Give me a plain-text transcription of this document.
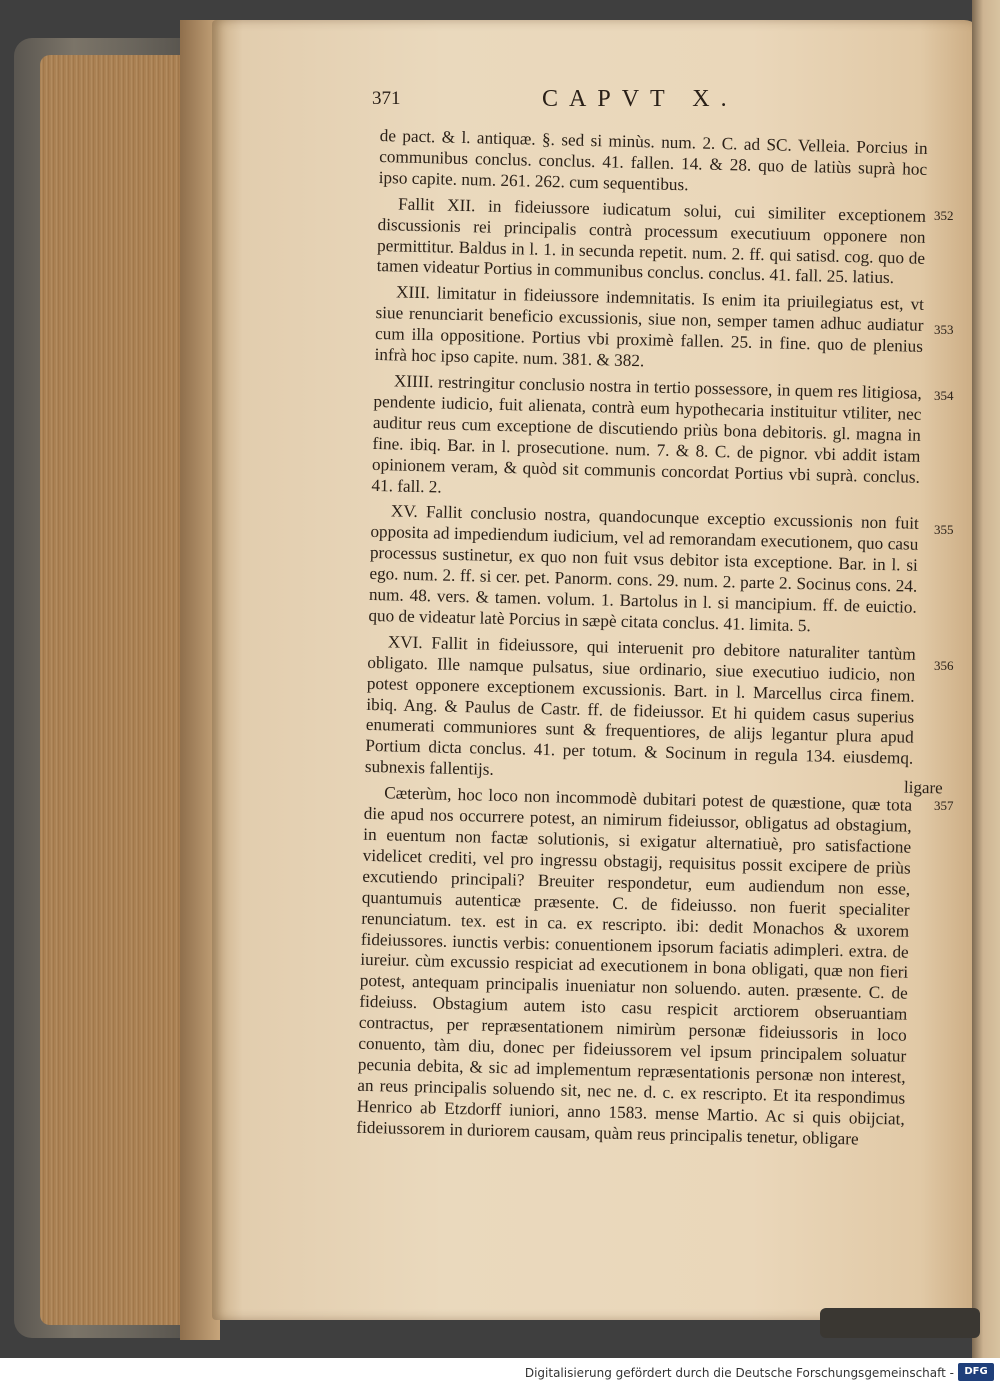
371	CAPVT X.

de pact. & l. antiquæ. §. sed si minùs. num. 2. C. ad SC. Velleia. Porcius in communibus conclus. conclus. 41. fallen. 14. & 28. quo de latiùs suprà hoc ipso capite. num. 261. 262. cum sequentibus.

Fallit XII. in fideiussore iudicatum solui, cui similiter exceptionem discussionis rei principalis contrà processum executiuum opponere non permittitur. Baldus in l. 1. in secunda repetit. num. 2. ff. qui satisd. cog. quo de tamen videatur Portius in communibus conclus. conclus. 41. fall. 25. latius.

XIII. limitatur in fideiussore indemnitatis. Is enim ita priuilegiatus est, vt siue renunciarit beneficio excussionis, siue non, semper tamen adhuc audiatur cum illa oppositione. Portius vbi proximè fallen. 25. in fine. quo de plenius infrà hoc ipso capite. num. 381. & 382.

XIIII. restringitur conclusio nostra in tertio possessore, in quem res litigiosa, pendente iudicio, fuit alienata, contrà eum hypothecaria instituitur vtiliter, nec auditur reus cum exceptione de discutiendo priùs bona debitoris. gl. magna in fine. ibiq. Bar. in l. prosecutione. num. 7. & 8. C. de pignor. vbi addit istam opinionem veram, & quòd sit communis concordat Portius vbi suprà. conclus. 41. fall. 2.

XV. Fallit conclusio nostra, quandocunque exceptio excussionis non fuit opposita ad impediendum iudicium, vel ad remorandam executionem, quo casu processus sustinetur, ex quo non fuit vsus debitor ista exceptione. Bar. in l. si ego. num. 2. ff. si cer. pet. Panorm. cons. 29. num. 2. parte 2. Socinus cons. 24. num. 48. vers. & tamen. volum. 1. Bartolus in l. si mancipium. ff. de euictio. quo de videatur latè Porcius in sæpè citata conclus. 41. limita. 5.

XVI. Fallit in fideiussore, qui interuenit pro debitore naturaliter tantùm obligato. Ille namque pulsatus, siue ordinario, siue executiuo iudicio, non potest opponere exceptionem excussionis. Bart. in l. Marcellus circa finem. ibiq. Ang. & Paulus de Castr. ff. de fideiussor. Et hi quidem casus superius enumerati communiores sunt & frequentiores, de alijs legantur plura apud Portium dicta conclus. 41. per totum. & Socinum in regula 134. eiusdemq. subnexis fallentijs.

Cæterùm, hoc loco non incommodè dubitari potest de quæstione, quæ tota die apud nos occurrere potest, an nimirum fideiussor, obligatus ad obstagium, in euentum non factæ solutionis, si exigatur alternatiuè, pro satisfactione videlicet crediti, vel pro ingressu obstagij, requisitus possit excipere de priùs excutiendo principali? Breuiter respondetur, eum audiendum non esse, quantumuis autenticæ præsente. C. de fideiusso. non fuerit specialiter renunciatum. tex. est in ca. ex rescripto. ibi: dedit Monachos & uxorem fideiussores. iunctis verbis: conuentionem ipsorum faciatis adimpleri. extra. de iureiur. cùm excussio respiciat ad executionem in bona obligati, quæ non fieri potest, antequam principalis inueniatur non soluendo. auten. præsente. C. de fideiuss. Obstagium autem isto casu respicit arctiorem obseruantiam contractus, per repræsentationem nimirùm personæ fideiussoris in loco conuento, tàm diu, donec per fideiussorem vel ipsum principalem soluatur pecunia debita, & sic ad implementum repræsentationis personæ non interest, an reus principalis soluendo sit, nec ne. d. c. ex rescripto. Et ita respondimus Henrico ab Etzdorff iuniori, anno 1583. mense Martio. Ac si quis obijciat, fideiussorem in duriorem causam, quàm reus principalis tenetur, obligare

352
353
354
355
356
357
ligare
Digitalisierung gefördert durch die Deutsche Forschungsgemeinschaft -	DFG
